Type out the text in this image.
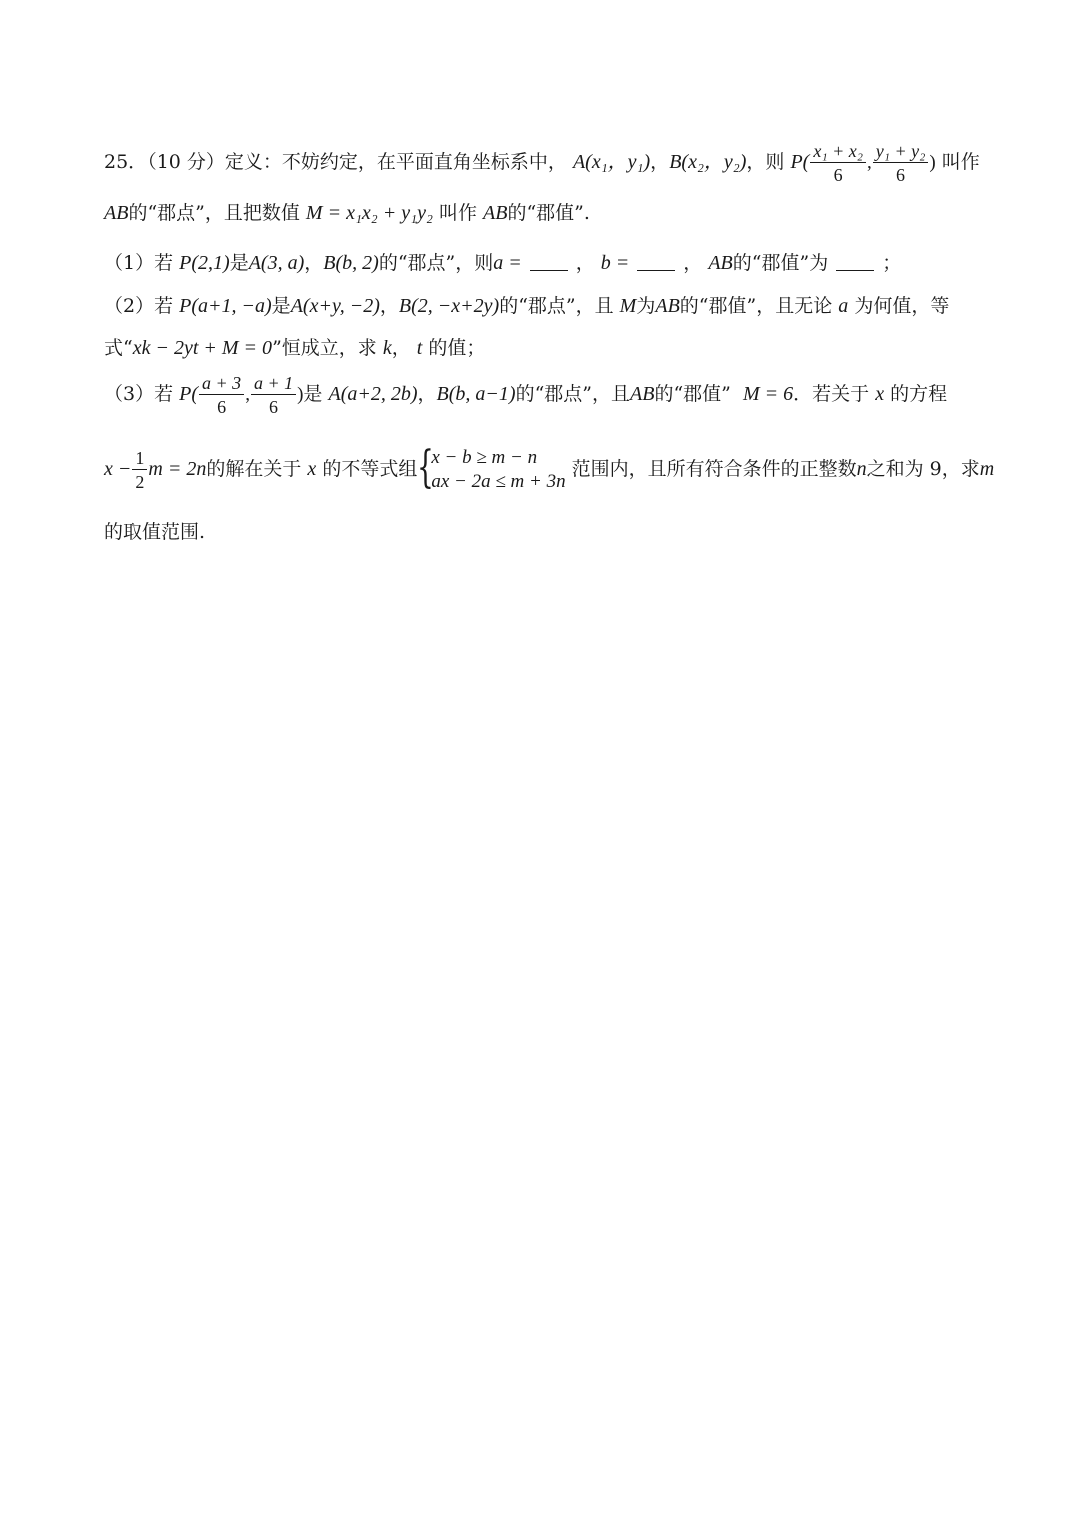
25．（10 分）定义：不妨约定，在平面直角坐标系中， A(x₁，y₁)，B(x₂，y₂)，则 $P( \frac{\text{x₁ + x₂}}{6}$ , $\frac{\text{y₁ + y₂}}{6}$ ) 叫作
AB的“郡点”，且把数值 M = x₁x₂ + y₁y₂ 叫作 AB的“郡值”.
（1）若 P(2,1)是A(3, a)，B(b, 2)的“郡点”，则a =	， b =	， AB的“郡值”为	；
（2）若 P(a+1, −a)是A(x+y, −2)，B(2, −x+2y)的“郡点”，且 M为AB的“郡值”，且无论 a 为何值，等
式“xk − 2yt + M = 0”恒成立，求 k， t 的值；
（3）若 $P( \frac{a + 3}{6}$ , $\frac{a + 1}{6}$ )是 A(a+2, 2b)，B(b, a−1)的“郡点”，且AB的“郡值” M = 6．若关于 x 的方程
$x - \frac{1}{2}$ m = 2n的解在关于 x 的不等式组 {
x − b ≥ m − n
ax − 2a ≤ m + 3n
范围内，且所有符合条件的正整数n之和为 9，求m
的取值范围.
